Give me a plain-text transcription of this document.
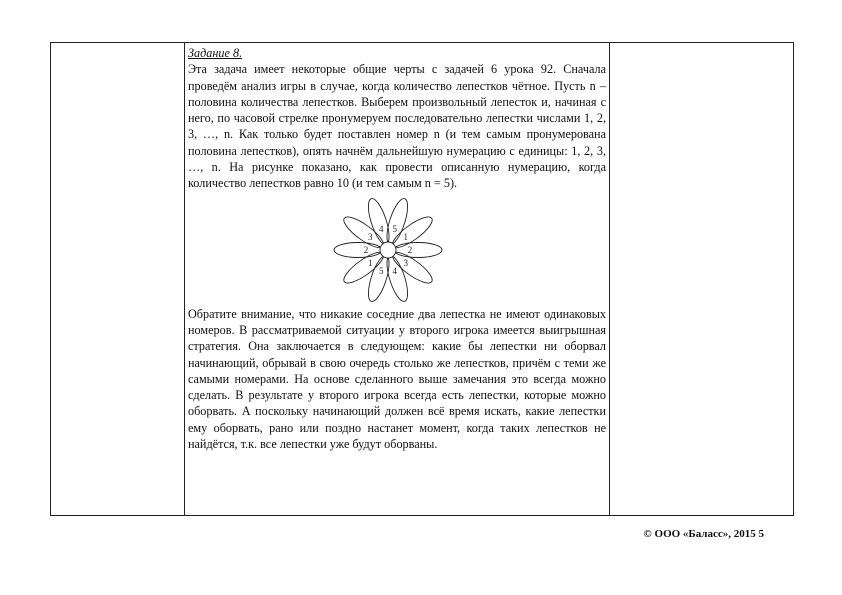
Задание 8.

Эта задача имеет некоторые общие черты с задачей 6 урока 92. Сначала проведём анализ игры в случае, когда количество лепестков чётное. Пусть n – половина количества лепестков. Выберем произвольный лепесток и, начиная с него, по часовой стрелке пронумеруем последовательно лепестки числами 1, 2, 3, …, n. Как только будет поставлен номер n (и тем самым пронумерована половина лепестков), опять начнём дальнейшую нумерацию с единицы: 1, 2, 3, …, n. На рисунке показано, как провести описанную нумерацию, когда количество лепестков равно 10 (и тем самым n = 5).

5
1
2
3
4
5
1
2
3
4

Обратите внимание, что никакие соседние два лепестка не имеют одинаковых номеров. В рассматриваемой ситуации у второго игрока имеется выигрышная стратегия. Она заключается в следующем: какие бы лепестки ни оборвал начинающий, обрывай в свою очередь столько же лепестков, причём с теми же самыми номерами. На основе сделанного выше замечания это всегда можно сделать. В результате у второго игрока всегда есть лепестки, которые можно оборвать. А поскольку начинающий должен всё время искать, какие лепестки ему оборвать, рано или поздно настанет момент, когда таких лепестков не найдётся, т.к. все лепестки уже будут оборваны.

© ООО «Баласс», 2015 5
